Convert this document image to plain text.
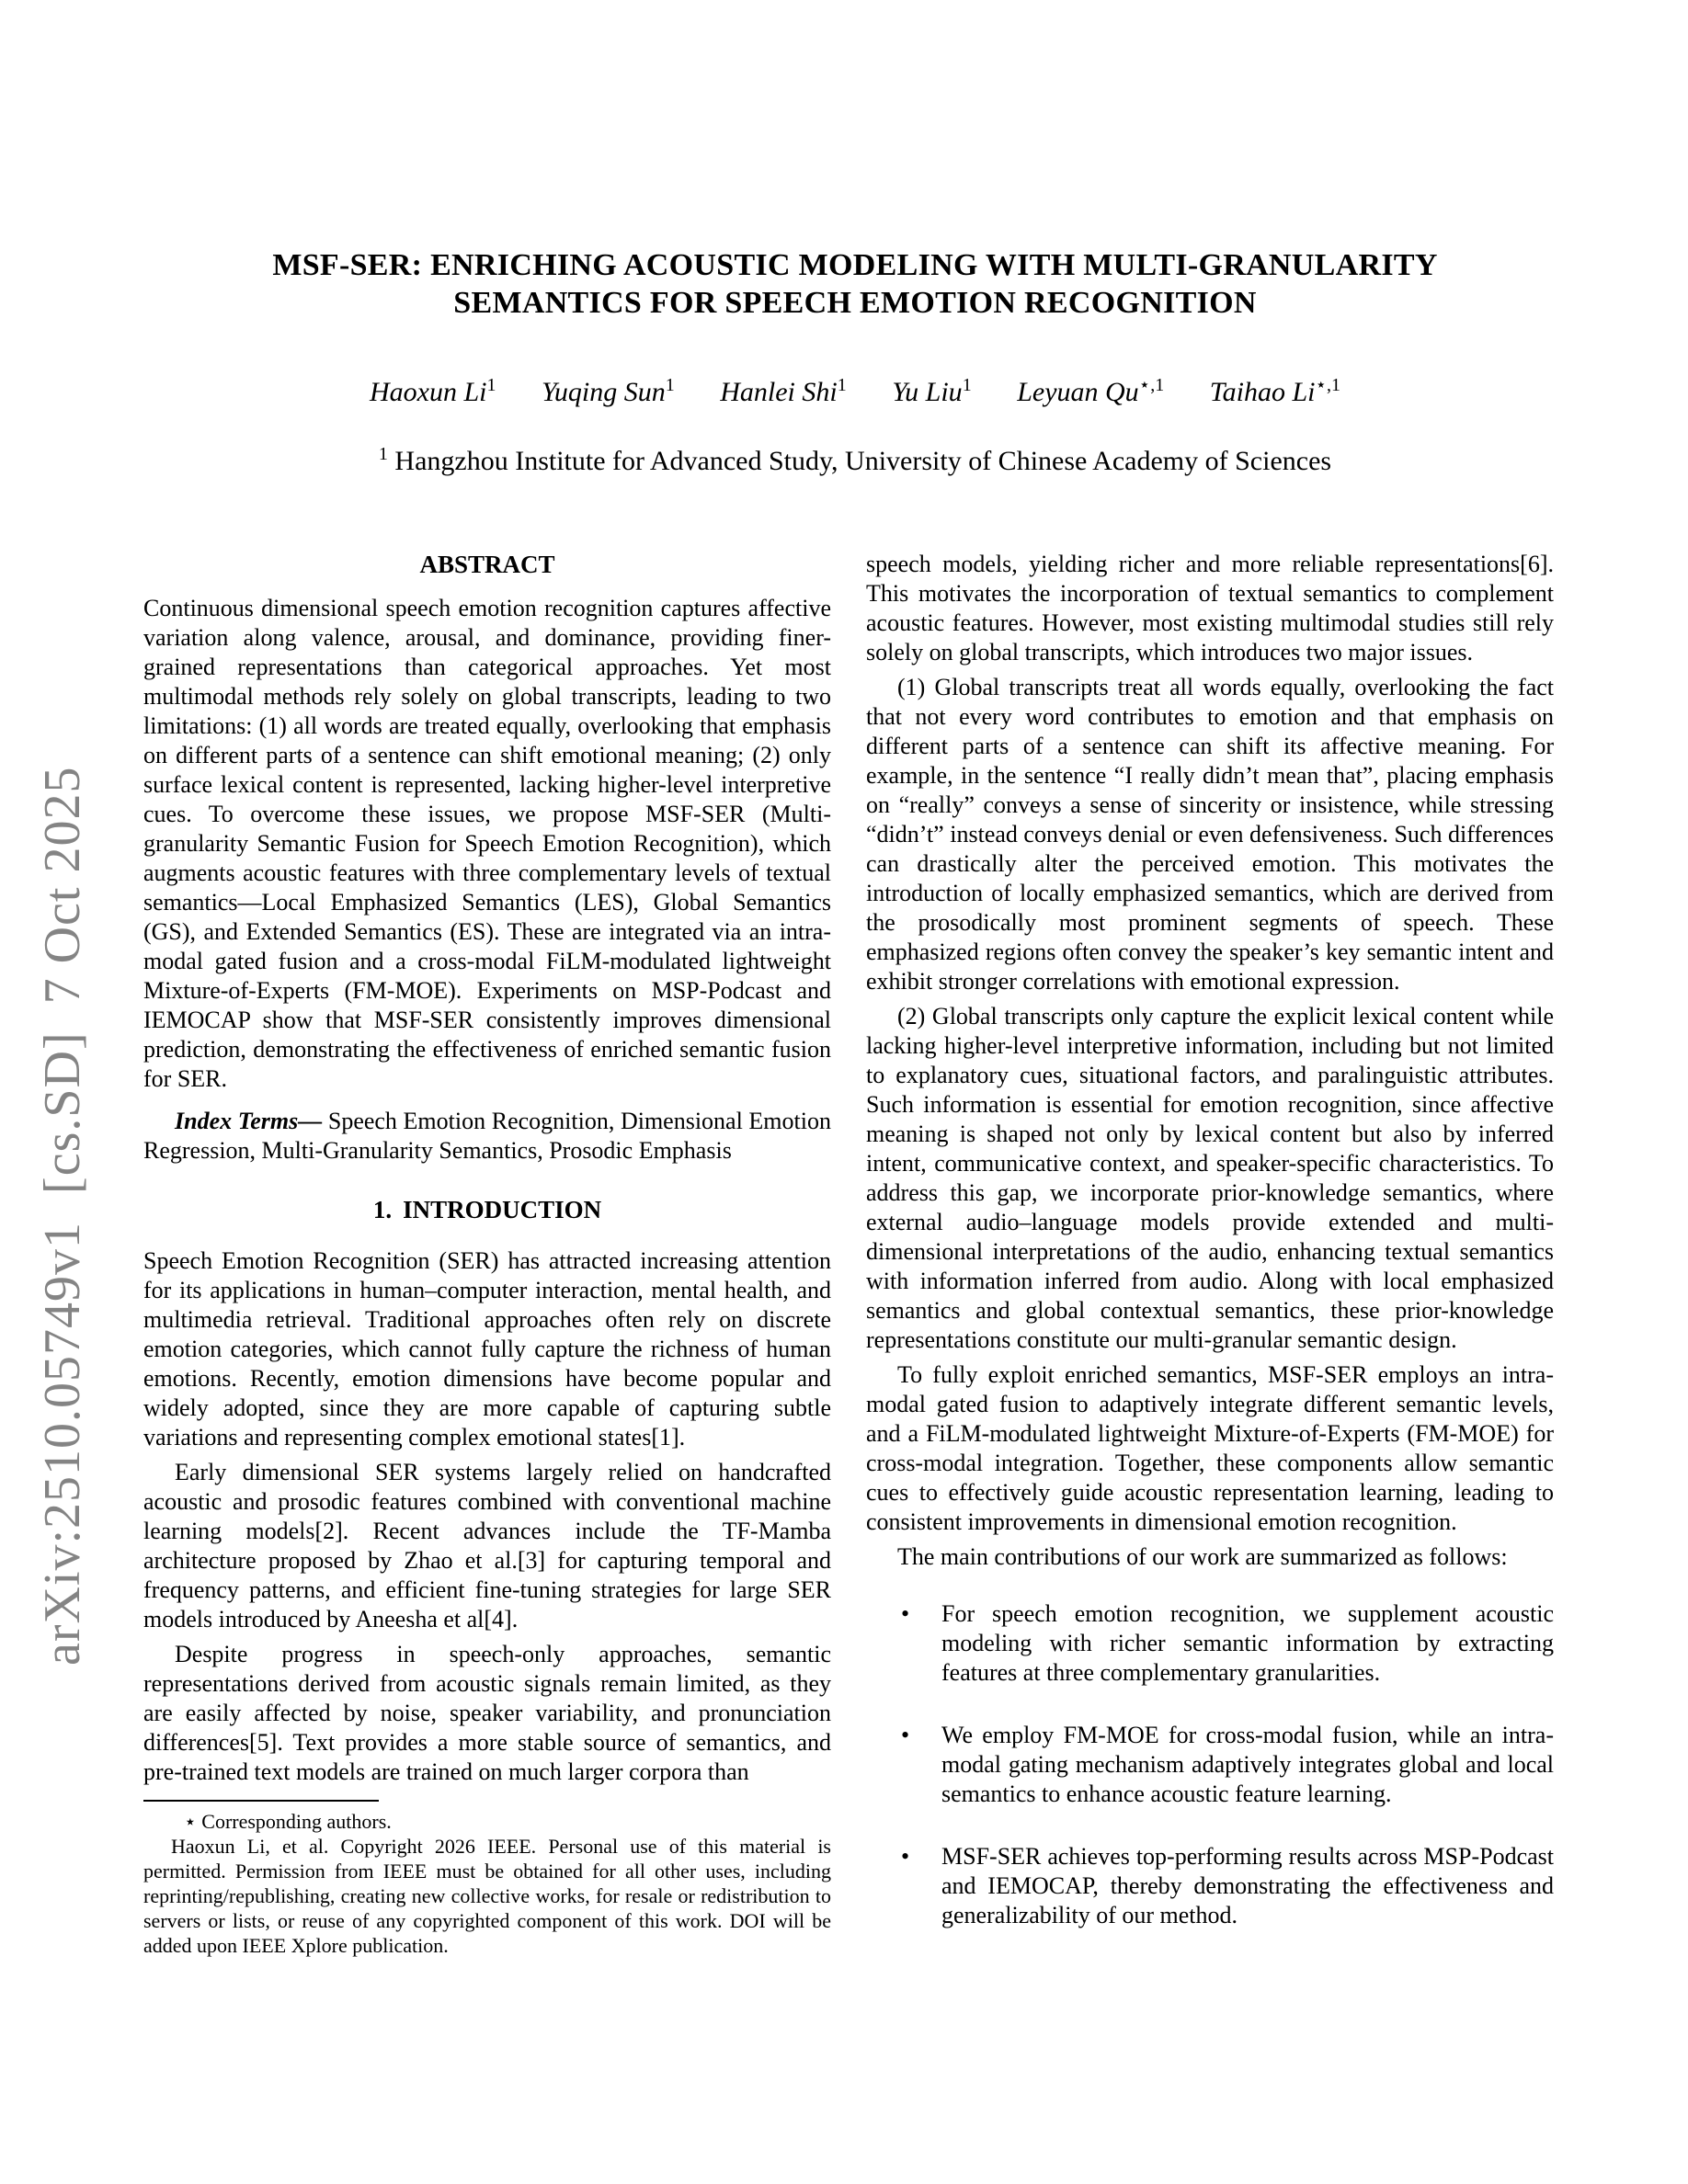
arXiv:2510.05749v1  [cs.SD]  7 Oct 2025
MSF-SER: ENRICHING ACOUSTIC MODELING WITH MULTI-GRANULARITY
SEMANTICS FOR SPEECH EMOTION RECOGNITION
Haoxun Li$^1$ Yuqing Sun$^1$ Hanlei Shi$^1$ Yu Liu$^1$ Leyuan $Qu^{⋆,1}$ Taihao $Li^{⋆,1}$
$^1$ Hangzhou Institute for Advanced Study, University of Chinese Academy of Sciences
ABSTRACT
Continuous dimensional speech emotion recognition captures affective variation along valence, arousal, and dominance, providing finer-grained representations than categorical approaches. Yet most multimodal methods rely solely on global transcripts, leading to two limitations: (1) all words are treated equally, overlooking that emphasis on different parts of a sentence can shift emotional meaning; (2) only surface lexical content is represented, lacking higher-level interpretive cues. To overcome these issues, we propose MSF-SER (Multi-granularity Semantic Fusion for Speech Emotion Recognition), which augments acoustic features with three complementary levels of textual semantics—Local Emphasized Semantics (LES), Global Semantics (GS), and Extended Semantics (ES). These are integrated via an intra-modal gated fusion and a cross-modal FiLM-modulated lightweight Mixture-of-Experts (FM-MOE). Experiments on MSP-Podcast and IEMOCAP show that MSF-SER consistently improves dimensional prediction, demonstrating the effectiveness of enriched semantic fusion for SER.
Index Terms— Speech Emotion Recognition, Dimensional Emotion Regression, Multi-Granularity Semantics, Prosodic Emphasis
1. INTRODUCTION
Speech Emotion Recognition (SER) has attracted increasing attention for its applications in human–computer interaction, mental health, and multimedia retrieval. Traditional approaches often rely on discrete emotion categories, which cannot fully capture the richness of human emotions. Recently, emotion dimensions have become popular and widely adopted, since they are more capable of capturing subtle variations and representing complex emotional states[1].
Early dimensional SER systems largely relied on handcrafted acoustic and prosodic features combined with conventional machine learning models[2]. Recent advances include the TF-Mamba architecture proposed by Zhao et al.[3] for capturing temporal and frequency patterns, and efficient fine-tuning strategies for large SER models introduced by Aneesha et al[4].
Despite progress in speech-only approaches, semantic representations derived from acoustic signals remain limited, as they are easily affected by noise, speaker variability, and pronunciation differences[5]. Text provides a more stable source of semantics, and pre-trained text models are trained on much larger corpora than
⋆ Corresponding authors.
Haoxun Li, et al. Copyright 2026 IEEE. Personal use of this material is permitted. Permission from IEEE must be obtained for all other uses, including reprinting/republishing, creating new collective works, for resale or redistribution to servers or lists, or reuse of any copyrighted component of this work. DOI will be added upon IEEE Xplore publication.
speech models, yielding richer and more reliable representations[6]. This motivates the incorporation of textual semantics to complement acoustic features. However, most existing multimodal studies still rely solely on global transcripts, which introduces two major issues.
(1) Global transcripts treat all words equally, overlooking the fact that not every word contributes to emotion and that emphasis on different parts of a sentence can shift its affective meaning. For example, in the sentence “I really didn’t mean that”, placing emphasis on “really” conveys a sense of sincerity or insistence, while stressing “didn’t” instead conveys denial or even defensiveness. Such differences can drastically alter the perceived emotion. This motivates the introduction of locally emphasized semantics, which are derived from the prosodically most prominent segments of speech. These emphasized regions often convey the speaker’s key semantic intent and exhibit stronger correlations with emotional expression.
(2) Global transcripts only capture the explicit lexical content while lacking higher-level interpretive information, including but not limited to explanatory cues, situational factors, and paralinguistic attributes. Such information is essential for emotion recognition, since affective meaning is shaped not only by lexical content but also by inferred intent, communicative context, and speaker-specific characteristics. To address this gap, we incorporate prior-knowledge semantics, where external audio–language models provide extended and multi-dimensional interpretations of the audio, enhancing textual semantics with information inferred from audio. Along with local emphasized semantics and global contextual semantics, these prior-knowledge representations constitute our multi-granular semantic design.
To fully exploit enriched semantics, MSF-SER employs an intra-modal gated fusion to adaptively integrate different semantic levels, and a FiLM-modulated lightweight Mixture-of-Experts (FM-MOE) for cross-modal integration. Together, these components allow semantic cues to effectively guide acoustic representation learning, leading to consistent improvements in dimensional emotion recognition.
The main contributions of our work are summarized as follows:
•	For speech emotion recognition, we supplement acoustic modeling with richer semantic information by extracting features at three complementary granularities.
•	We employ FM-MOE for cross-modal fusion, while an intra-modal gating mechanism adaptively integrates global and local semantics to enhance acoustic feature learning.
•	MSF-SER achieves top-performing results across MSP-Podcast and IEMOCAP, thereby demonstrating the effectiveness and generalizability of our method.
